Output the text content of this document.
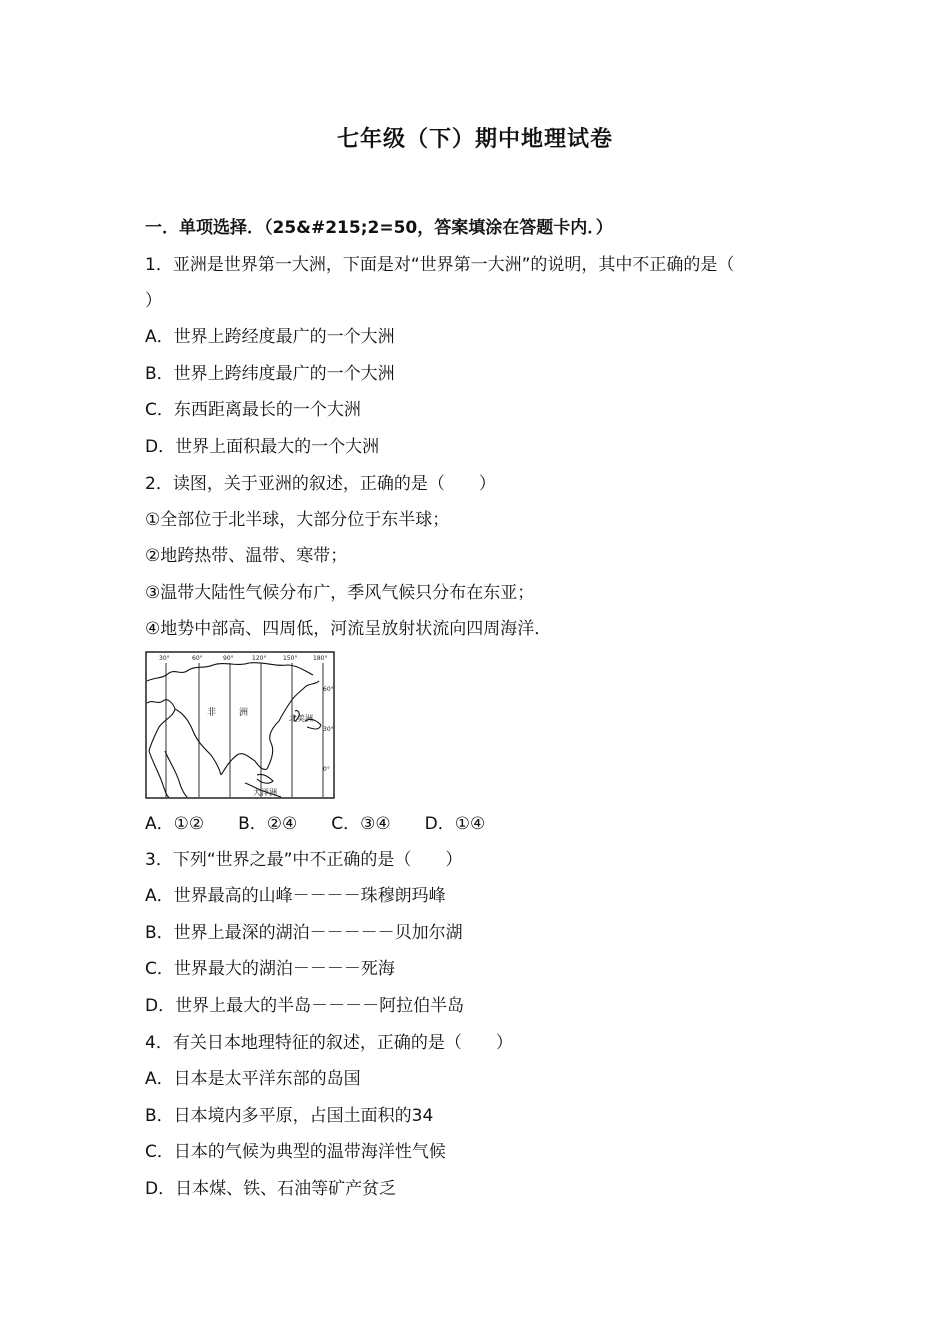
七年级（下）期中地理试卷
一．单项选择．（25&#215;2=50，答案填涂在答题卡内．）
1．亚洲是世界第一大洲，下面是对“世界第一大洲”的说明，其中不正确的是（
）
A．世界上跨经度最广的一个大洲
B．世界上跨纬度最广的一个大洲
C．东西距离最长的一个大洲
D．世界上面积最大的一个大洲
2．读图，关于亚洲的叙述，正确的是（　　）
①全部位于北半球，大部分位于东半球；
②地跨热带、温带、寒带；
③温带大陆性气候分布广，季风气候只分布在东亚；
④地势中部高、四周低，河流呈放射状流向四周海洋．
30°	60°	90°	120°	150°	180°
60°
30°
0°
非	洲
北美洲
大洋洲
A．①② B．②④ C．③④ D．①④
3．下列“世界之最”中不正确的是（　　）
A．世界最高的山峰－－－－珠穆朗玛峰
B．世界上最深的湖泊－－－－－贝加尔湖
C．世界最大的湖泊－－－－死海
D．世界上最大的半岛－－－－阿拉伯半岛
4．有关日本地理特征的叙述，正确的是（　　）
A．日本是太平洋东部的岛国
B．日本境内多平原，占国土面积的34
C．日本的气候为典型的温带海洋性气候
D．日本煤、铁、石油等矿产贫乏
